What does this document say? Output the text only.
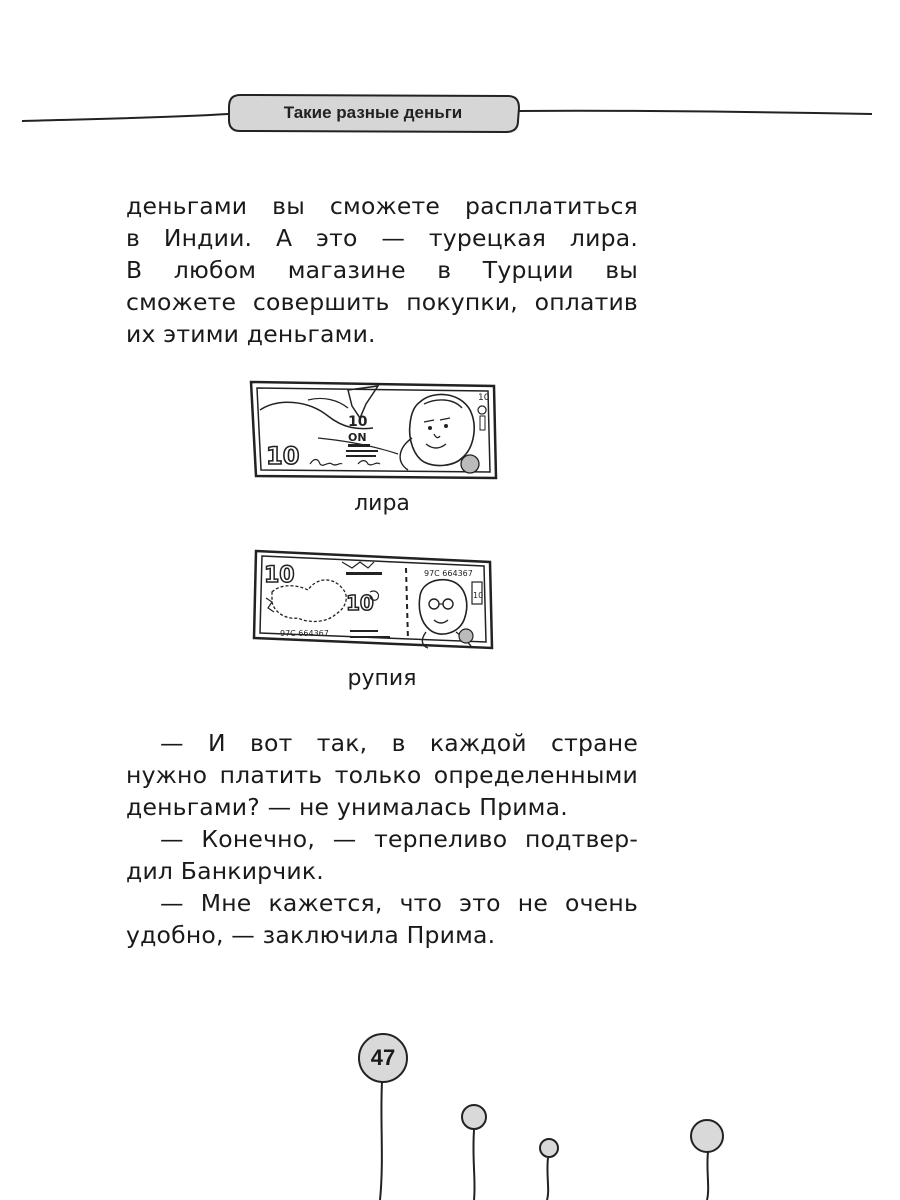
Такие разные деньги
деньгами вы сможете расплатиться
в Индии. А это — турецкая лира.
В любом магазине в Турции вы
сможете совершить покупки, оплатив
их этими деньгами.
10
ON
10
10
лира
10
10
97C 664367
97C 664367
10
рупия
— И вот так, в каждой стране
нужно платить только определенными
деньгами? — не унималась Прима.
— Конечно, — терпеливо подтвер-
дил Банкирчик.
— Мне кажется, что это не очень
удобно, — заключила Прима.
47
